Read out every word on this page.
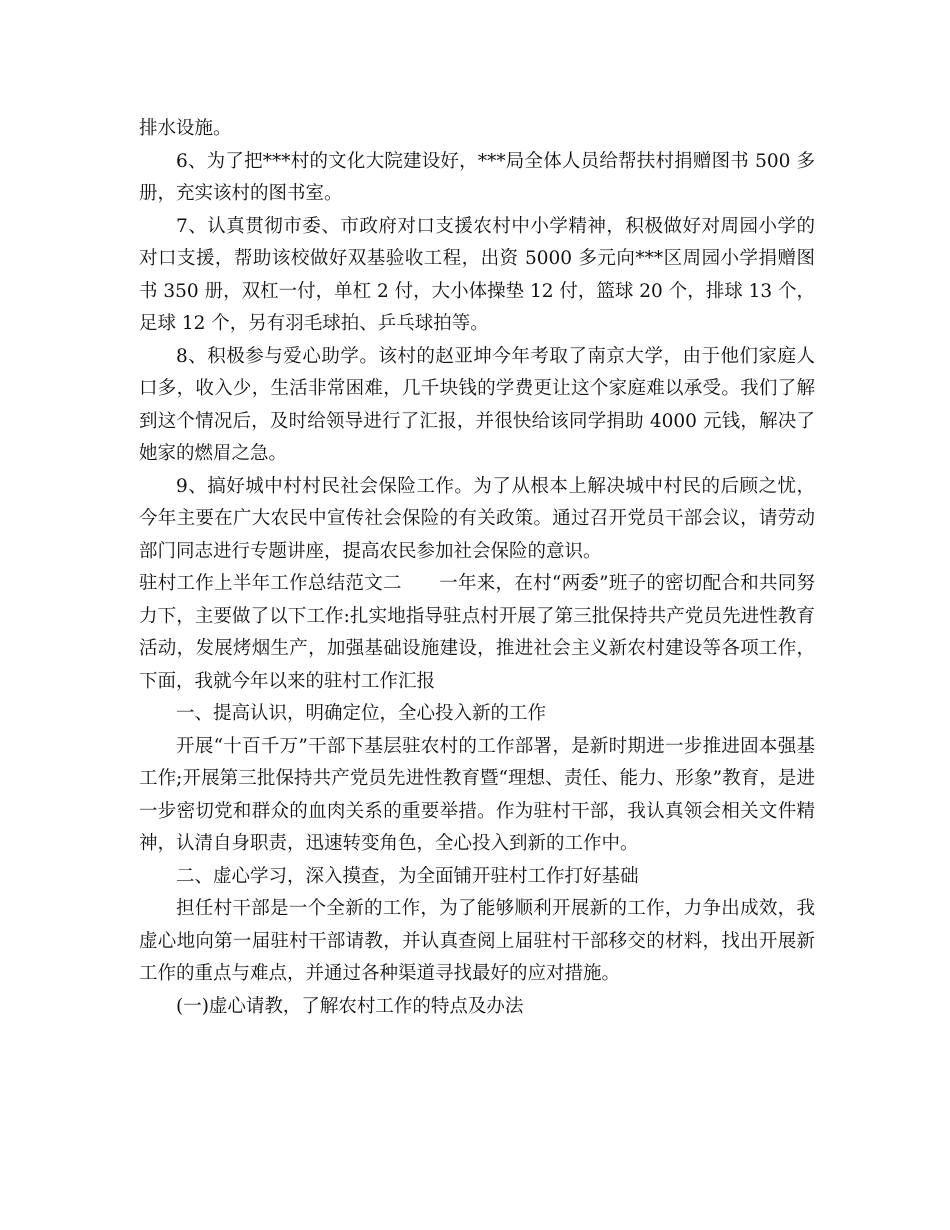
排水设施。

6、为了把***村的文化大院建设好，***局全体人员给帮扶村捐赠图书 500 多册，充实该村的图书室。

7、认真贯彻市委、市政府对口支援农村中小学精神，积极做好对周园小学的对口支援，帮助该校做好双基验收工程，出资 5000 多元向***区周园小学捐赠图书 350 册，双杠一付，单杠 2 付，大小体操垫 12 付，篮球 20 个，排球 13 个，足球 12 个，另有羽毛球拍、乒乓球拍等。

8、积极参与爱心助学。该村的赵亚坤今年考取了南京大学，由于他们家庭人口多，收入少，生活非常困难，几千块钱的学费更让这个家庭难以承受。我们了解到这个情况后，及时给领导进行了汇报，并很快给该同学捐助 4000 元钱，解决了她家的燃眉之急。

9、搞好城中村村民社会保险工作。为了从根本上解决城中村民的后顾之忧，今年主要在广大农民中宣传社会保险的有关政策。通过召开党员干部会议，请劳动部门同志进行专题讲座，提高农民参加社会保险的意识。

驻村工作上半年工作总结范文二　　一年来，在村“两委”班子的密切配合和共同努力下，主要做了以下工作:扎实地指导驻点村开展了第三批保持共产党员先进性教育活动，发展烤烟生产，加强基础设施建设，推进社会主义新农村建设等各项工作，下面，我就今年以来的驻村工作汇报

一、提高认识，明确定位，全心投入新的工作

开展“十百千万”干部下基层驻农村的工作部署，是新时期进一步推进固本强基工作;开展第三批保持共产党员先进性教育暨“理想、责任、能力、形象”教育，是进一步密切党和群众的血肉关系的重要举措。作为驻村干部，我认真领会相关文件精神，认清自身职责，迅速转变角色，全心投入到新的工作中。

二、虚心学习，深入摸查，为全面铺开驻村工作打好基础

担任村干部是一个全新的工作，为了能够顺利开展新的工作，力争出成效，我虚心地向第一届驻村干部请教，并认真查阅上届驻村干部移交的材料，找出开展新工作的重点与难点，并通过各种渠道寻找最好的应对措施。

(一)虚心请教，了解农村工作的特点及办法
